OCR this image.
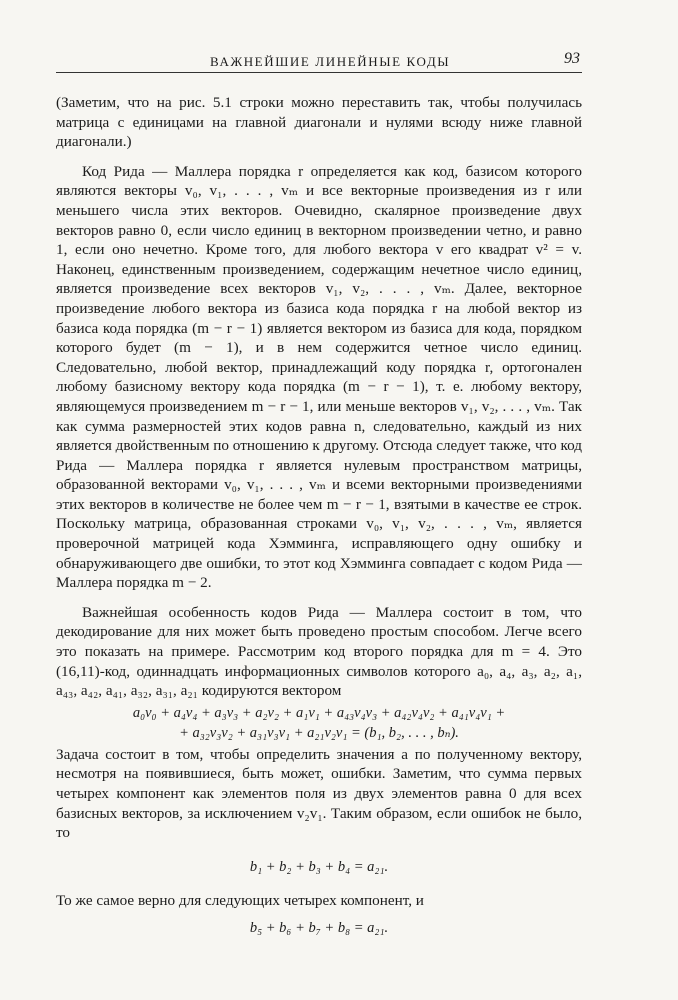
ВАЖНЕЙШИЕ ЛИНЕЙНЫЕ КОДЫ	93

(Заметим, что на рис. 5.1 строки можно переставить так, чтобы получилась матрица с единицами на главной диагонали и нулями всюду ниже главной диагонали.)

Код Рида — Маллера порядка r определяется как код, базисом которого являются векторы v₀, v₁, . . . , vₘ и все векторные произведения из r или меньшего числа этих векторов. Очевидно, скалярное произведение двух векторов равно 0, если число единиц в векторном произведении четно, и равно 1, если оно нечетно. Кроме того, для любого вектора v его квадрат v² = v. Наконец, единственным произведением, содержащим нечетное число единиц, является произведение всех векторов v₁, v₂, . . . , vₘ. Далее, векторное произведение любого вектора из базиса кода порядка r на любой вектор из базиса кода порядка (m − r − 1) является вектором из базиса для кода, порядком которого будет (m − 1), и в нем содержится четное число единиц. Следовательно, любой вектор, принадлежащий коду порядка r, ортогонален любому базисному вектору кода порядка (m − r − 1), т. е. любому вектору, являющемуся произведением m − r − 1, или меньше векторов v₁, v₂, . . . , vₘ. Так как сумма размерностей этих кодов равна n, следовательно, каждый из них является двойственным по отношению к другому. Отсюда следует также, что код Рида — Маллера порядка r является нулевым пространством матрицы, образованной векторами v₀, v₁, . . . , vₘ и всеми векторными произведениями этих векторов в количестве не более чем m − r − 1, взятыми в качестве ее строк. Поскольку матрица, образованная строками v₀, v₁, v₂, . . . , vₘ, является проверочной матрицей кода Хэмминга, исправляющего одну ошибку и обнаруживающего две ошибки, то этот код Хэмминга совпадает с кодом Рида — Маллера порядка m − 2.

Важнейшая особенность кодов Рида — Маллера состоит в том, что декодирование для них может быть проведено простым способом. Легче всего это показать на примере. Рассмотрим код второго порядка для m = 4. Это (16,11)-код, одиннадцать информационных символов которого a₀, a₄, a₃, a₂, a₁, a₄₃, a₄₂, a₄₁, a₃₂, a₃₁, a₂₁ кодируются вектором

a₀v₀ + a₄v₄ + a₃v₃ + a₂v₂ + a₁v₁ + a₄₃v₄v₃ + a₄₂v₄v₂ + a₄₁v₄v₁ +
+ a₃₂v₃v₂ + a₃₁v₃v₁ + a₂₁v₂v₁ = (b₁, b₂, . . . , bₙ).

Задача состоит в том, чтобы определить значения a по полученному вектору, несмотря на появившиеся, быть может, ошибки. Заметим, что сумма первых четырех компонент как элементов поля из двух элементов равна 0 для всех базисных векторов, за исключением v₂v₁. Таким образом, если ошибок не было, то

b₁ + b₂ + b₃ + b₄ = a₂₁.

То же самое верно для следующих четырех компонент, и

b₅ + b₆ + b₇ + b₈ = a₂₁.
